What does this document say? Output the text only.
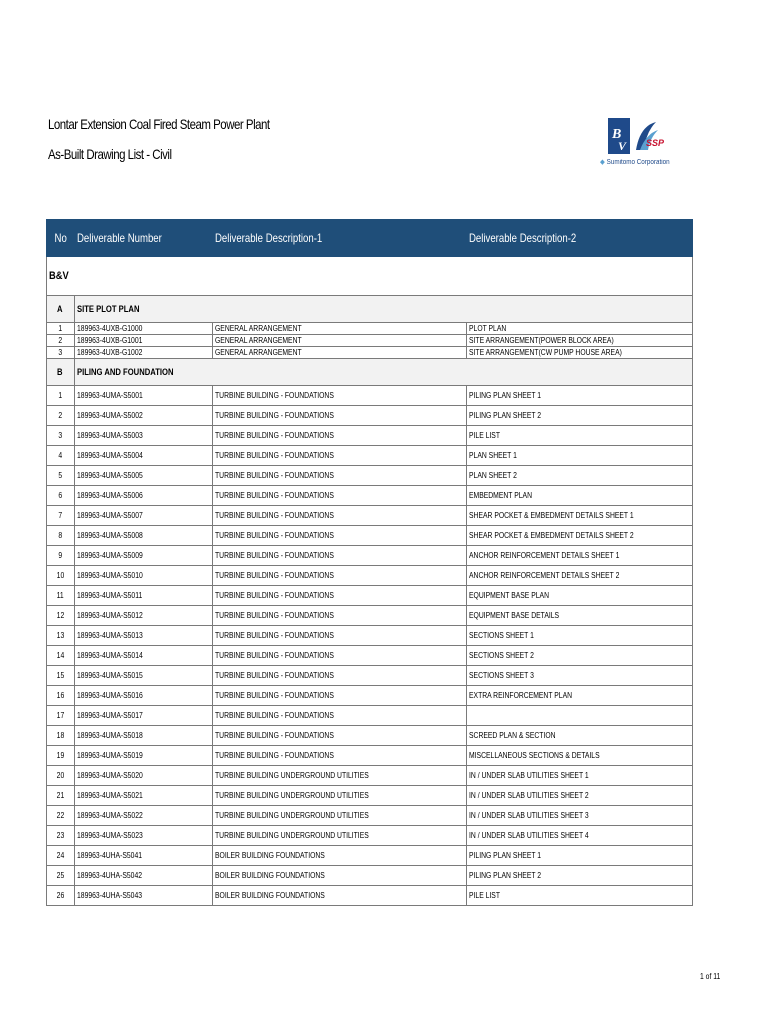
Lontar Extension Coal Fired Steam Power Plant
As-Built Drawing List - Civil
B
V SSP
◆ Sumitomo Corporation
No	Deliverable Number	Deliverable Description-1	Deliverable Description-2
B&V			
A	SITE PLOT PLAN		
1	189963-4UXB-G1000	GENERAL ARRANGEMENT	PLOT PLAN
2	189963-4UXB-G1001	GENERAL ARRANGEMENT	SITE ARRANGEMENT(POWER BLOCK AREA)
3	189963-4UXB-G1002	GENERAL ARRANGEMENT	SITE ARRANGEMENT(CW PUMP HOUSE AREA)
B	PILING AND FOUNDATION		
1	189963-4UMA-S5001	TURBINE BUILDING - FOUNDATIONS	PILING PLAN SHEET 1
2	189963-4UMA-S5002	TURBINE BUILDING - FOUNDATIONS	PILING PLAN SHEET 2
3	189963-4UMA-S5003	TURBINE BUILDING - FOUNDATIONS	PILE LIST
4	189963-4UMA-S5004	TURBINE BUILDING - FOUNDATIONS	PLAN SHEET 1
5	189963-4UMA-S5005	TURBINE BUILDING - FOUNDATIONS	PLAN SHEET 2
6	189963-4UMA-S5006	TURBINE BUILDING - FOUNDATIONS	EMBEDMENT PLAN
7	189963-4UMA-S5007	TURBINE BUILDING - FOUNDATIONS	SHEAR POCKET & EMBEDMENT DETAILS SHEET 1
8	189963-4UMA-S5008	TURBINE BUILDING - FOUNDATIONS	SHEAR POCKET & EMBEDMENT DETAILS SHEET 2
9	189963-4UMA-S5009	TURBINE BUILDING - FOUNDATIONS	ANCHOR REINFORCEMENT DETAILS SHEET 1
10	189963-4UMA-S5010	TURBINE BUILDING - FOUNDATIONS	ANCHOR REINFORCEMENT DETAILS SHEET 2
11	189963-4UMA-S5011	TURBINE BUILDING - FOUNDATIONS	EQUIPMENT BASE PLAN
12	189963-4UMA-S5012	TURBINE BUILDING - FOUNDATIONS	EQUIPMENT BASE DETAILS
13	189963-4UMA-S5013	TURBINE BUILDING - FOUNDATIONS	SECTIONS SHEET 1
14	189963-4UMA-S5014	TURBINE BUILDING - FOUNDATIONS	SECTIONS SHEET 2
15	189963-4UMA-S5015	TURBINE BUILDING - FOUNDATIONS	SECTIONS SHEET 3
16	189963-4UMA-S5016	TURBINE BUILDING - FOUNDATIONS	EXTRA REINFORCEMENT PLAN
17	189963-4UMA-S5017	TURBINE BUILDING - FOUNDATIONS	
18	189963-4UMA-S5018	TURBINE BUILDING - FOUNDATIONS	SCREED PLAN & SECTION
19	189963-4UMA-S5019	TURBINE BUILDING - FOUNDATIONS	MISCELLANEOUS SECTIONS & DETAILS
20	189963-4UMA-S5020	TURBINE BUILDING UNDERGROUND UTILITIES	IN / UNDER SLAB UTILITIES SHEET 1
21	189963-4UMA-S5021	TURBINE BUILDING UNDERGROUND UTILITIES	IN / UNDER SLAB UTILITIES SHEET 2
22	189963-4UMA-S5022	TURBINE BUILDING UNDERGROUND UTILITIES	IN / UNDER SLAB UTILITIES SHEET 3
23	189963-4UMA-S5023	TURBINE BUILDING UNDERGROUND UTILITIES	IN / UNDER SLAB UTILITIES SHEET 4
24	189963-4UHA-S5041	BOILER BUILDING FOUNDATIONS	PILING PLAN SHEET 1
25	189963-4UHA-S5042	BOILER BUILDING FOUNDATIONS	PILING PLAN SHEET 2
26	189963-4UHA-S5043	BOILER BUILDING FOUNDATIONS	PILE LIST
1 of 11
